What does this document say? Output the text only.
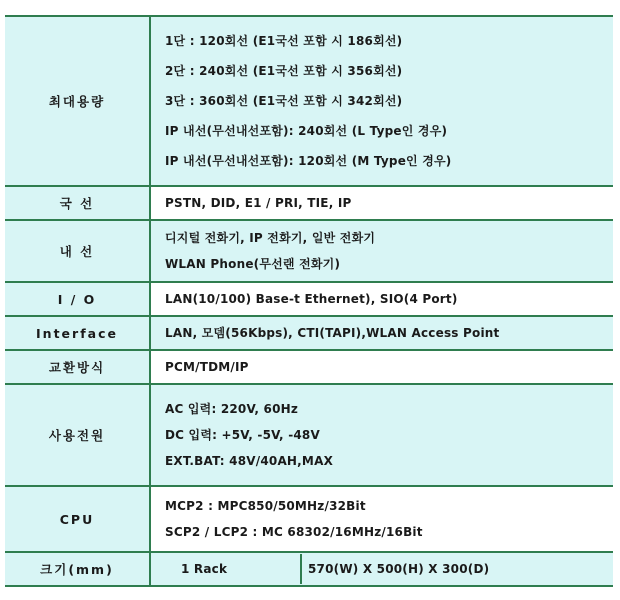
최대용량	
1단 : 120회선 (E1국선 포함 시 186회선)
2단 : 240회선 (E1국선 포함 시 356회선)
3단 : 360회선 (E1국선 포함 시 342회선)
IP 내선(무선내선포함): 240회선 (L Type인 경우)
IP 내선(무선내선포함): 120회선 (M Type인 경우)

국 선	PSTN, DID, E1 / PRI, TIE, IP

내 선	
디지털 전화기, IP 전화기, 일반 전화기
WLAN Phone(무선랜 전화기)

I / O	LAN(10/100) Base-t Ethernet), SIO(4 Port)

Interface	LAN, 모뎀(56Kbps), CTI(TAPI),WLAN Access Point

교환방식	PCM/TDM/IP

사용전원	
AC 입력: 220V, 60Hz
DC 입력: +5V, -5V, -48V
EXT.BAT: 48V/40AH,MAX

CPU	
MCP2 : MPC850/50MHz/32Bit
SCP2 / LCP2 : MC 68302/16MHz/16Bit

크기(mm)		1 Rack	570(W) X 500(H) X 300(D)
